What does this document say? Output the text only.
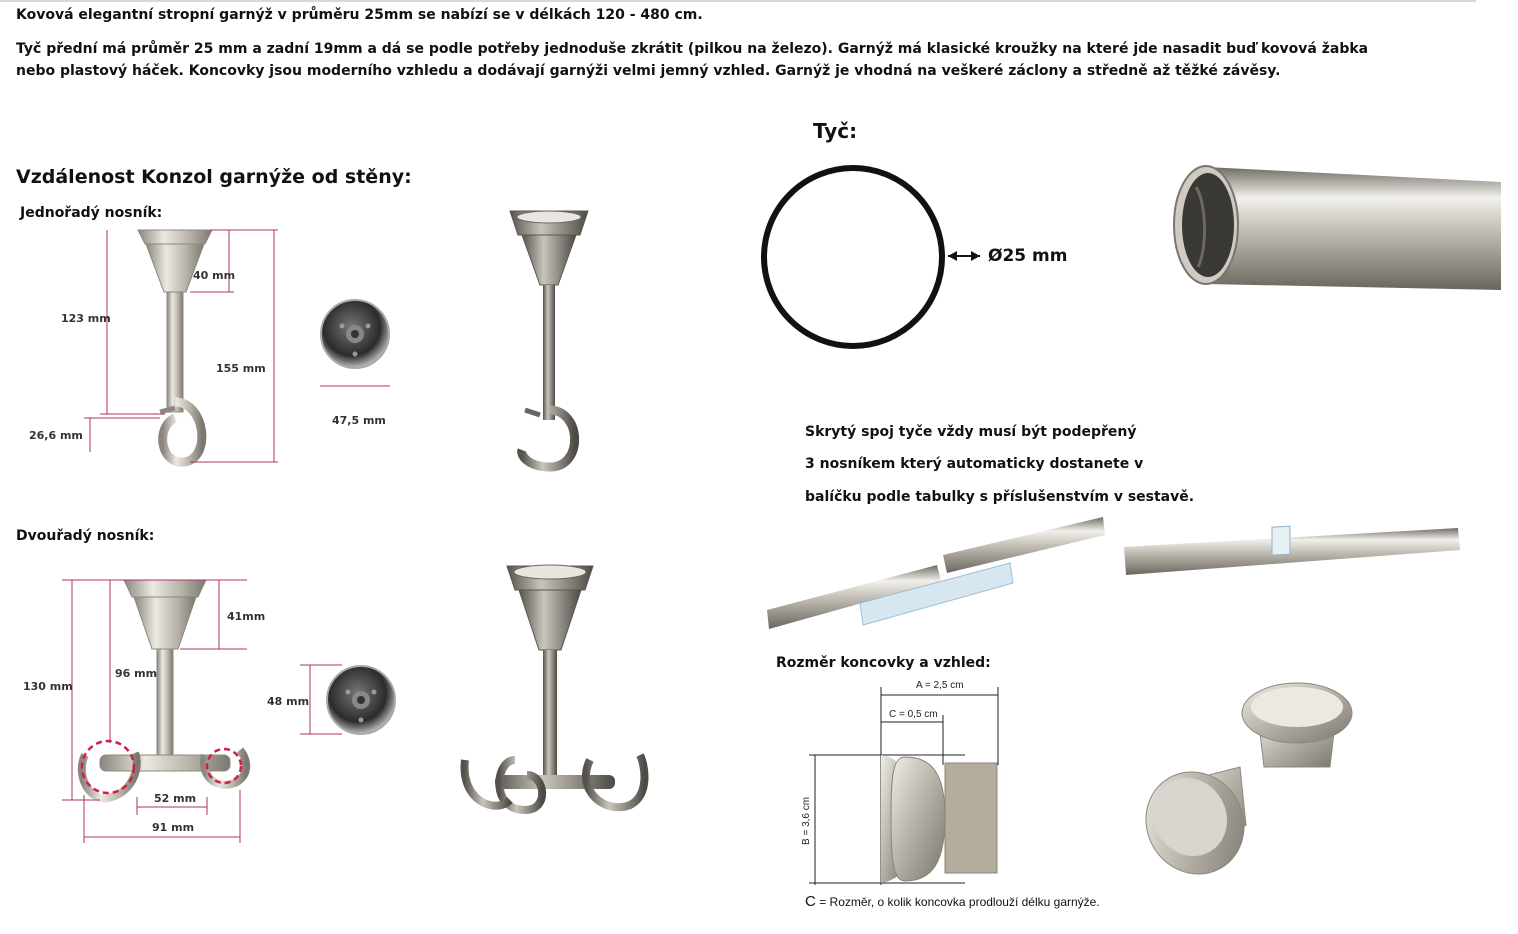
Kovová elegantní stropní garnýž v průměru 25mm se nabízí se v délkách 120 - 480 cm.
Tyč přední má průměr 25 mm a zadní 19mm a dá se podle potřeby jednoduše zkrátit (pilkou na železo). Garnýž má klasické kroužky na které jde nasadit buď kovová žabka nebo plastový háček. Koncovky jsou moderního vzhledu a dodávají garnýži velmi jemný vzhled. Garnýž je vhodná na veškeré záclony a středně až těžké závěsy.
Vzdálenost Konzol garnýže od stěny:
Jednořadý nosník:
Dvouřadý nosník:
40 mm
123 mm
155 mm
26,6 mm
47,5 mm
41mm
96 mm
130 mm
52 mm
91 mm
48 mm
Tyč:
Ø25 mm
Skrytý spoj tyče vždy musí být podepřený
3 nosníkem který automaticky dostanete v
balíčku podle tabulky s příslušenstvím v sestavě.
Rozměr koncovky a vzhled:
A = 2,5 cm
C = 0,5 cm
B = 3,6 cm
C = Rozměr, o kolik koncovka prodlouží délku garnýže.
